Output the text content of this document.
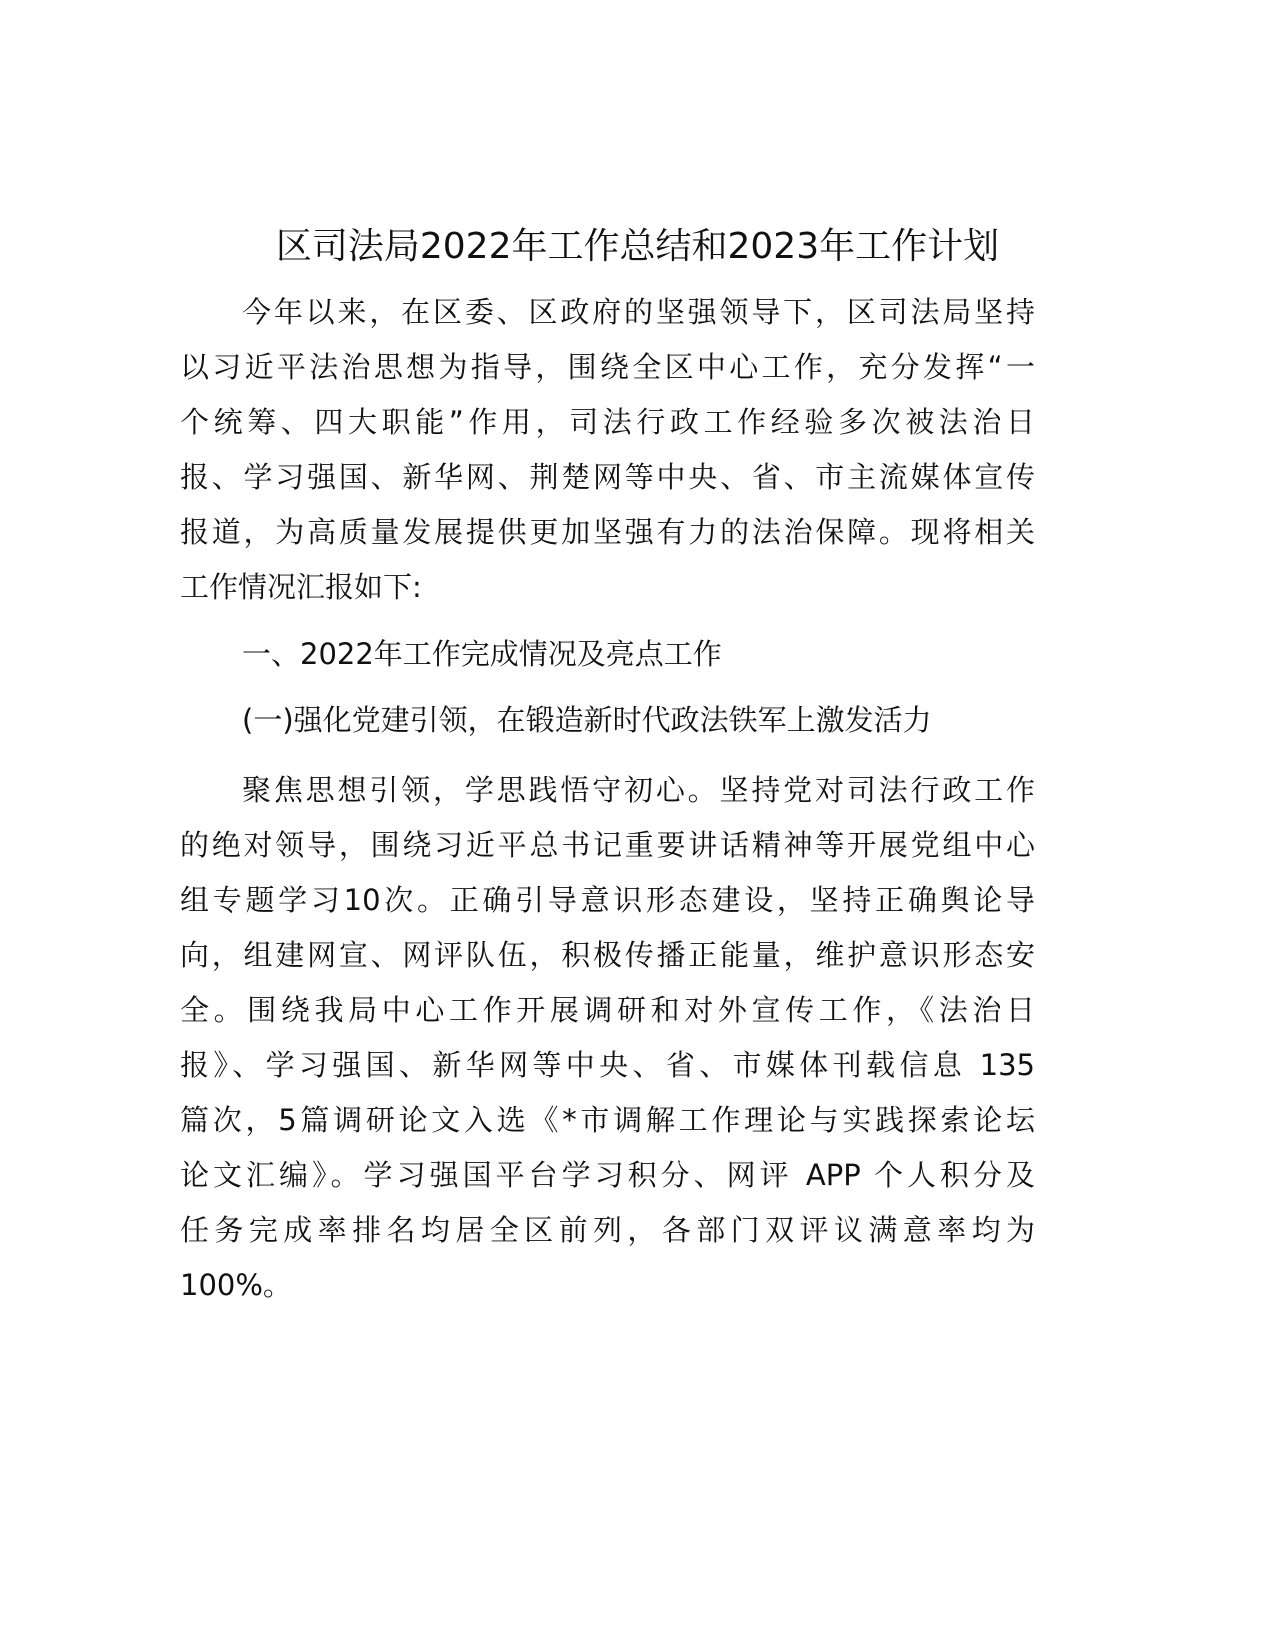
区司法局2022年工作总结和2023年工作计划
今年以来，在区委、区政府的坚强领导下，区司法局坚持
以习近平法治思想为指导，围绕全区中心工作，充分发挥“一
个统筹、四大职能”作用，司法行政工作经验多次被法治日
报、学习强国、新华网、荆楚网等中央、省、市主流媒体宣传
报道，为高质量发展提供更加坚强有力的法治保障。现将相关
工作情况汇报如下:
一、2022年工作完成情况及亮点工作
(一)强化党建引领，在锻造新时代政法铁军上激发活力
聚焦思想引领，学思践悟守初心。坚持党对司法行政工作
的绝对领导，围绕习近平总书记重要讲话精神等开展党组中心
组专题学习10次。正确引导意识形态建设，坚持正确舆论导
向，组建网宣、网评队伍，积极传播正能量，维护意识形态安
全。围绕我局中心工作开展调研和对外宣传工作，《法治日
报》、学习强国、新华网等中央、省、市媒体刊载信息 135
篇次，5篇调研论文入选《*市调解工作理论与实践探索论坛
论文汇编》。学习强国平台学习积分、网评 APP 个人积分及
任务完成率排名均居全区前列，各部门双评议满意率均为
100%。
